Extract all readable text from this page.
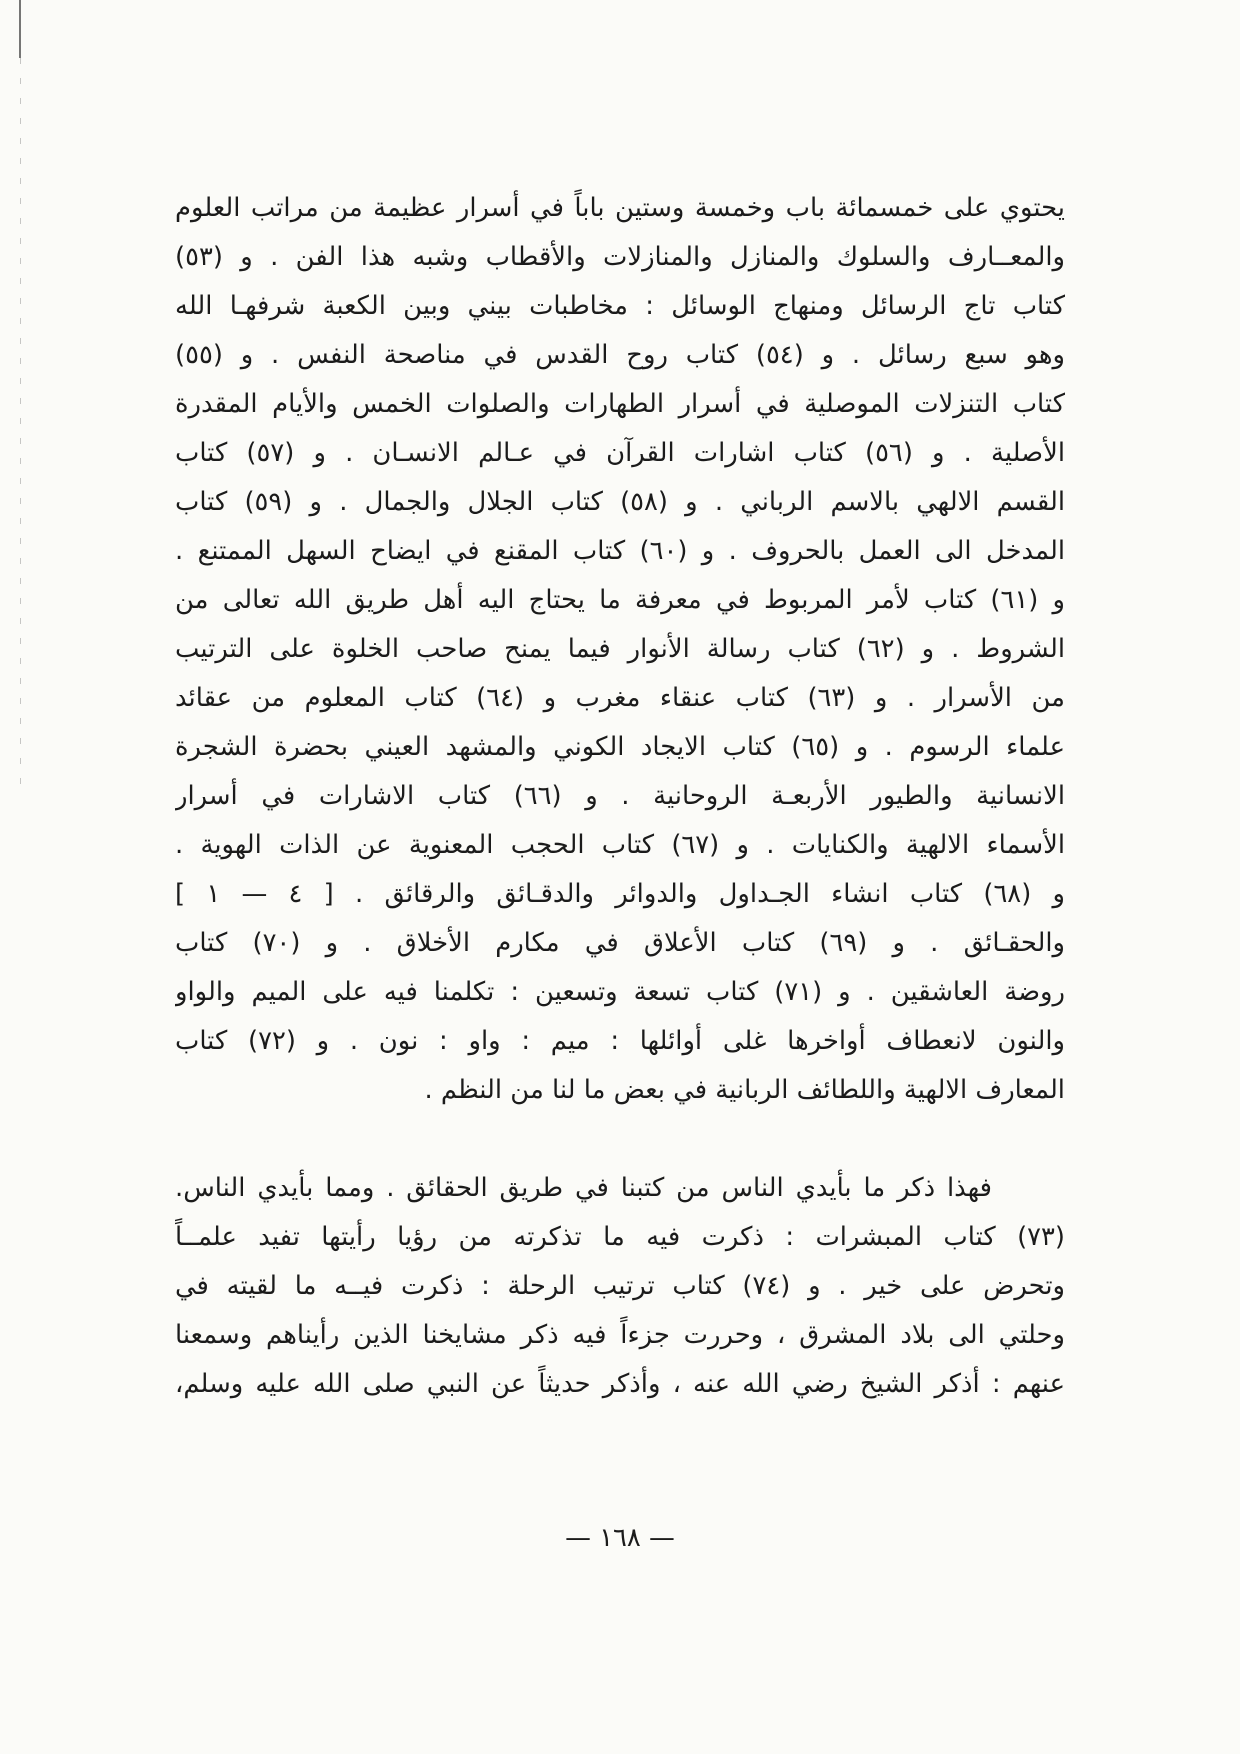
يحتوي على خمسمائة باب وخمسة وستين باباً في أسرار عظيمة من مراتب العلوم
والمعــارف والسلوك والمنازل والمنازلات والأقطاب وشبه هذا الفن . و (٥٣)
كتاب تاج الرسائل ومنهاج الوسائل : مخاطبات بيني وبين الكعبة شرفهـا الله
وهو سبع رسائل . و (٥٤) كتاب روح القدس في مناصحة النفس . و (٥٥)
كتاب التنزلات الموصلية في أسرار الطهارات والصلوات الخمس والأيام المقدرة
الأصلية . و (٥٦) كتاب اشارات القرآن في عـالم الانسـان . و (٥٧) كتاب
القسم الالهي بالاسم الرباني . و (٥٨) كتاب الجلال والجمال . و (٥٩) كتاب
المدخل الى العمل بالحروف . و (٦٠) كتاب المقنع في ايضاح السهل الممتنع .
و (٦١) كتاب لأمر المربوط في معرفة ما يحتاج اليه أهل طريق الله تعالى من
الشروط . و (٦٢) كتاب رسالة الأنوار فيما يمنح صاحب الخلوة على الترتيب
من الأسرار . و (٦٣) كتاب عنقاء مغرب و (٦٤) كتاب المعلوم من عقائد
علماء الرسوم . و (٦٥) كتاب الايجاد الكوني والمشهد العيني بحضرة الشجرة
الانسانية والطيور الأربعـة الروحانية . و (٦٦) كتاب الاشارات في أسرار
الأسماء الالهية والكنايات . و (٦٧) كتاب الحجب المعنوية عن الذات الهوية .
و (٦٨) كتاب انشاء الجـداول والدوائر والدقـائق والرقائق . [ ٤ — ١ ]
والحقـائق . و (٦٩) كتاب الأعلاق في مكارم الأخلاق . و (٧٠) كتاب
روضة العاشقين . و (٧١) كتاب تسعة وتسعين : تكلمنا فيه على الميم والواو
والنون لانعطاف أواخرها غلى أوائلها : ميم : واو : نون . و (٧٢) كتاب
المعارف الالهية واللطائف الربانية في بعض ما لنا من النظم .
فهذا ذكر ما بأيدي الناس من كتبنا في طريق الحقائق . ومما بأيدي الناس.
(٧٣) كتاب المبشرات : ذكرت فيه ما تذكرته من رؤيا رأيتها تفيد علمــاً
وتحرض على خير . و (٧٤) كتاب ترتيب الرحلة : ذكرت فيــه ما لقيته في
وحلتي الى بلاد المشرق ، وحررت جزءاً فيه ذكر مشايخنا الذين رأيناهم وسمعنا
عنهم : أذكر الشيخ رضي الله عنه ، وأذكر حديثاً عن النبي صلى الله عليه وسلم،
— ١٦٨ —
